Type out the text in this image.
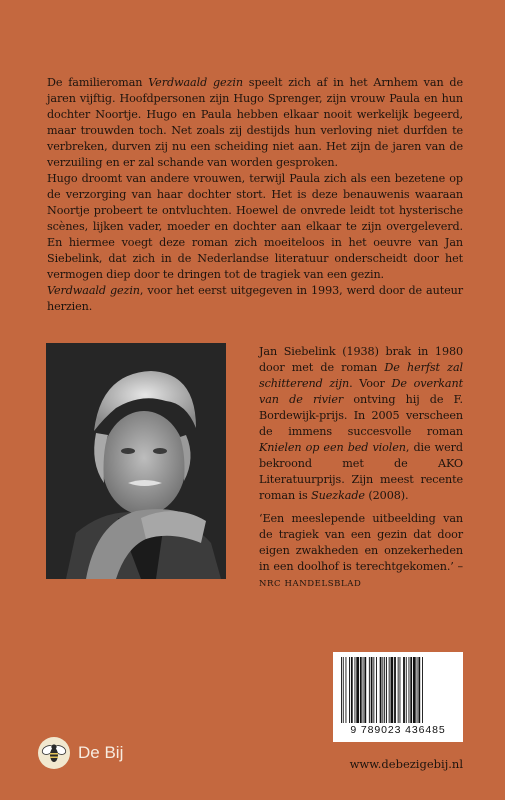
De familieroman Verdwaald gezin speelt zich af in het Arnhem van de jaren vijftig. Hoofdpersonen zijn Hugo Sprenger, zijn vrouw Paula en hun dochter Noortje. Hugo en Paula hebben elkaar nooit werkelijk begeerd, maar trouwden toch. Net zoals zij destijds hun verloving niet durfden te verbreken, durven zij nu een scheiding niet aan. Het zijn de jaren van de verzuiling en er zal schande van worden gesproken.

Hugo droomt van andere vrouwen, terwijl Paula zich als een bezetene op de verzorging van haar dochter stort. Het is deze benauwenis waaraan Noortje probeert te ontvluchten. Hoewel de onvrede leidt tot hysterische scènes, lijken vader, moeder en dochter aan elkaar te zijn overgeleverd. En hiermee voegt deze roman zich moeiteloos in het oeuvre van Jan Siebelink, dat zich in de Nederlandse literatuur onderscheidt door het vermogen diep door te dringen tot de tragiek van een gezin.

Verdwaald gezin, voor het eerst uitgegeven in 1993, werd door de auteur herzien.

Jan Siebelink (1938) brak in 1980 door met de roman De herfst zal schitterend zijn. Voor De overkant van de rivier ontving hij de F. Bordewijk-prijs. In 2005 verscheen de immens succesvolle roman Knielen op een bed violen, die werd bekroond met de AKO Literatuurprijs. Zijn meest recente roman is Suezkade (2008).
‘Een meeslepende uitbeelding van de tragiek van een gezin dat door eigen zwakheden en onzekerheden in een doolhof is terechtgekomen.’ – NRC HANDELSBLAD
9 789023 436485
De Bij
www.debezigebij.nl
